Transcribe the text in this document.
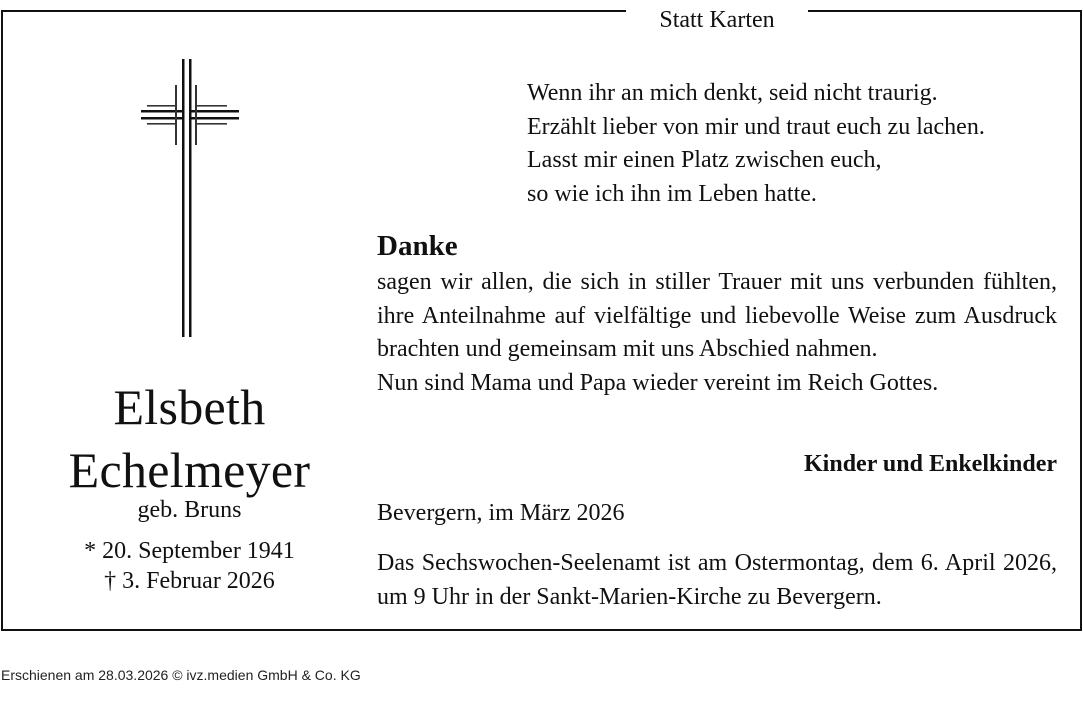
Statt Karten
Elsbeth
Echelmeyer
geb. Bruns
* 20. September 1941
† 3. Februar 2026
Wenn ihr an mich denkt, seid nicht traurig.
Erzählt lieber von mir und traut euch zu lachen.
Lasst mir einen Platz zwischen euch,
so wie ich ihn im Leben hatte.
Danke
sagen wir allen, die sich in stiller Trauer mit uns verbunden fühlten, ihre Anteilnahme auf vielfältige und liebevolle Weise zum Ausdruck brachten und gemeinsam mit uns Abschied nahmen.
Nun sind Mama und Papa wieder vereint im Reich Gottes.
Kinder und Enkelkinder
Bevergern, im März 2026
Das Sechswochen-Seelenamt ist am Ostermontag, dem 6. April 2026, um 9 Uhr in der Sankt-Marien-Kirche zu Bevergern.
Erschienen am 28.03.2026 © ivz.medien GmbH & Co. KG
